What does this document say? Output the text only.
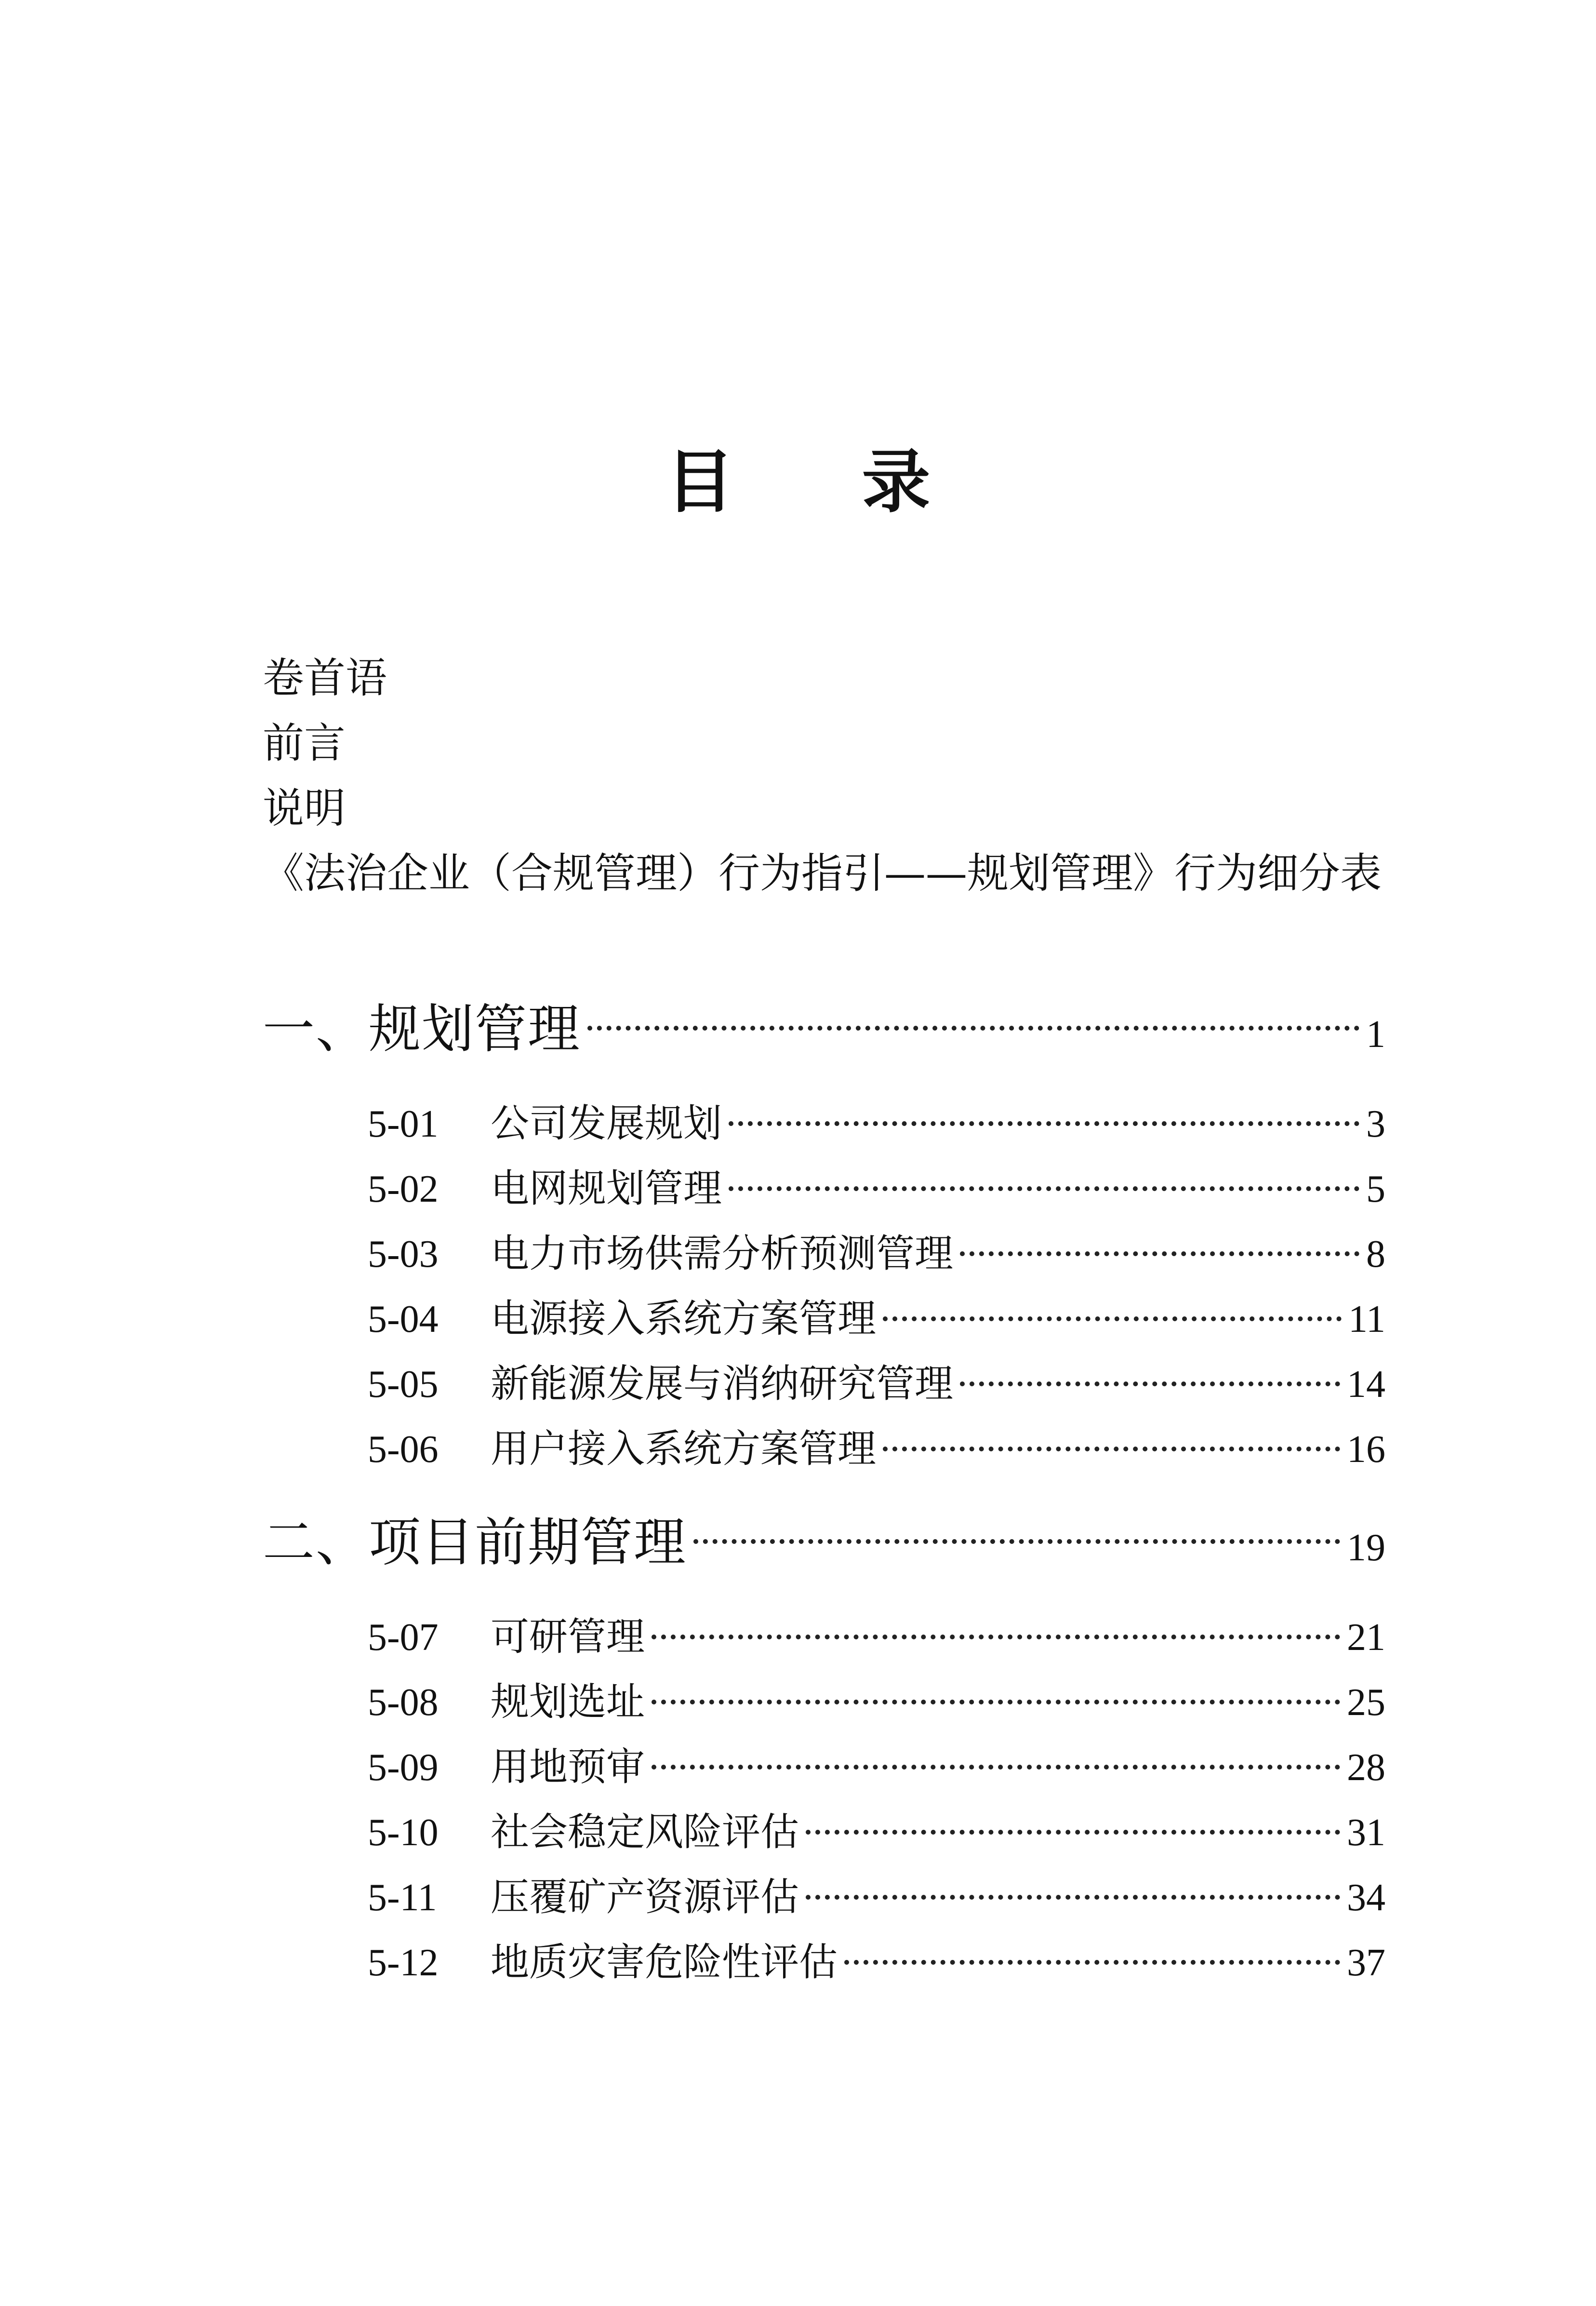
目录
卷首语
前言
说明
《法治企业（合规管理）行为指引——规划管理》行为细分表
一、规划管理	1
5-01	公司发展规划	3
5-02	电网规划管理	5
5-03	电力市场供需分析预测管理	8
5-04	电源接入系统方案管理	11
5-05	新能源发展与消纳研究管理	14
5-06	用户接入系统方案管理	16
二、项目前期管理	19
5-07	可研管理	21
5-08	规划选址	25
5-09	用地预审	28
5-10	社会稳定风险评估	31
5-11	压覆矿产资源评估	34
5-12	地质灾害危险性评估	37
